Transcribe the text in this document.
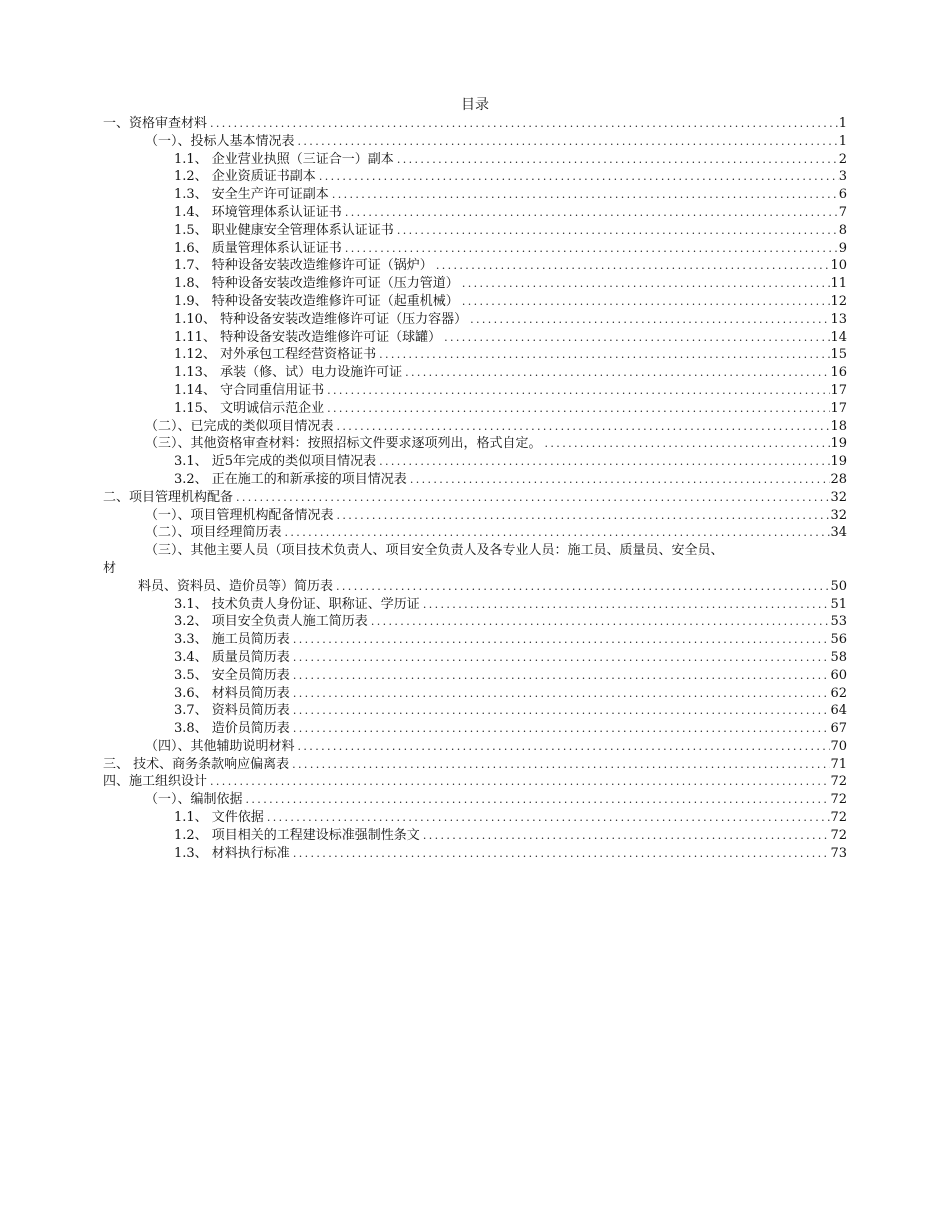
目录
一、资格审查材料 .....	1
（一）、投标人基本情况表 .....	1
1.1、 企业营业执照（三证合一）副本 .....	2
1.2、 企业资质证书副本 .....	3
1.3、 安全生产许可证副本 .....	6
1.4、 环境管理体系认证证书 .....	7
1.5、 职业健康安全管理体系认证证书 .....	8
1.6、 质量管理体系认证证书 .....	9
1.7、 特种设备安装改造维修许可证（锅炉） .....	10
1.8、 特种设备安装改造维修许可证（压力管道） .....	11
1.9、 特种设备安装改造维修许可证（起重机械） .....	12
1.10、 特种设备安装改造维修许可证（压力容器） .....	13
1.11、 特种设备安装改造维修许可证（球罐） .....	14
1.12、 对外承包工程经营资格证书 .....	15
1.13、 承装（修、试）电力设施许可证 .....	16
1.14、 守合同重信用证书 .....	17
1.15、 文明诚信示范企业 .....	17
（二）、已完成的类似项目情况表 .....	18
（三）、其他资格审查材料：按照招标文件要求逐项列出，格式自定。 .....	19
3.1、 近5年完成的类似项目情况表 .....	19
3.2、 正在施工的和新承接的项目情况表 .....	28
二、项目管理机构配备 .....	32
（一）、项目管理机构配备情况表 .....	32
（二）、项目经理简历表 .....	34
（三）、其他主要人员（项目技术负责人、项目安全负责人及各专业人员：施工员、质量员、安全员、
材
料员、资料员、造价员等）简历表 .....	50
3.1、 技术负责人身份证、职称证、学历证 .....	51
3.2、 项目安全负责人施工简历表 .....	53
3.3、 施工员简历表 .....	56
3.4、 质量员简历表 .....	58
3.5、 安全员简历表 .....	60
3.6、 材料员简历表 .....	62
3.7、 资料员简历表 .....	64
3.8、 造价员简历表 .....	67
（四）、其他辅助说明材料 .....	70
三、 技术、商务条款响应偏离表 .....	71
四、施工组织设计 .....	72
（一）、编制依据 .....	72
1.1、 文件依据 .....	72
1.2、 项目相关的工程建设标准强制性条文 .....	72
1.3、 材料执行标准 .....	73
